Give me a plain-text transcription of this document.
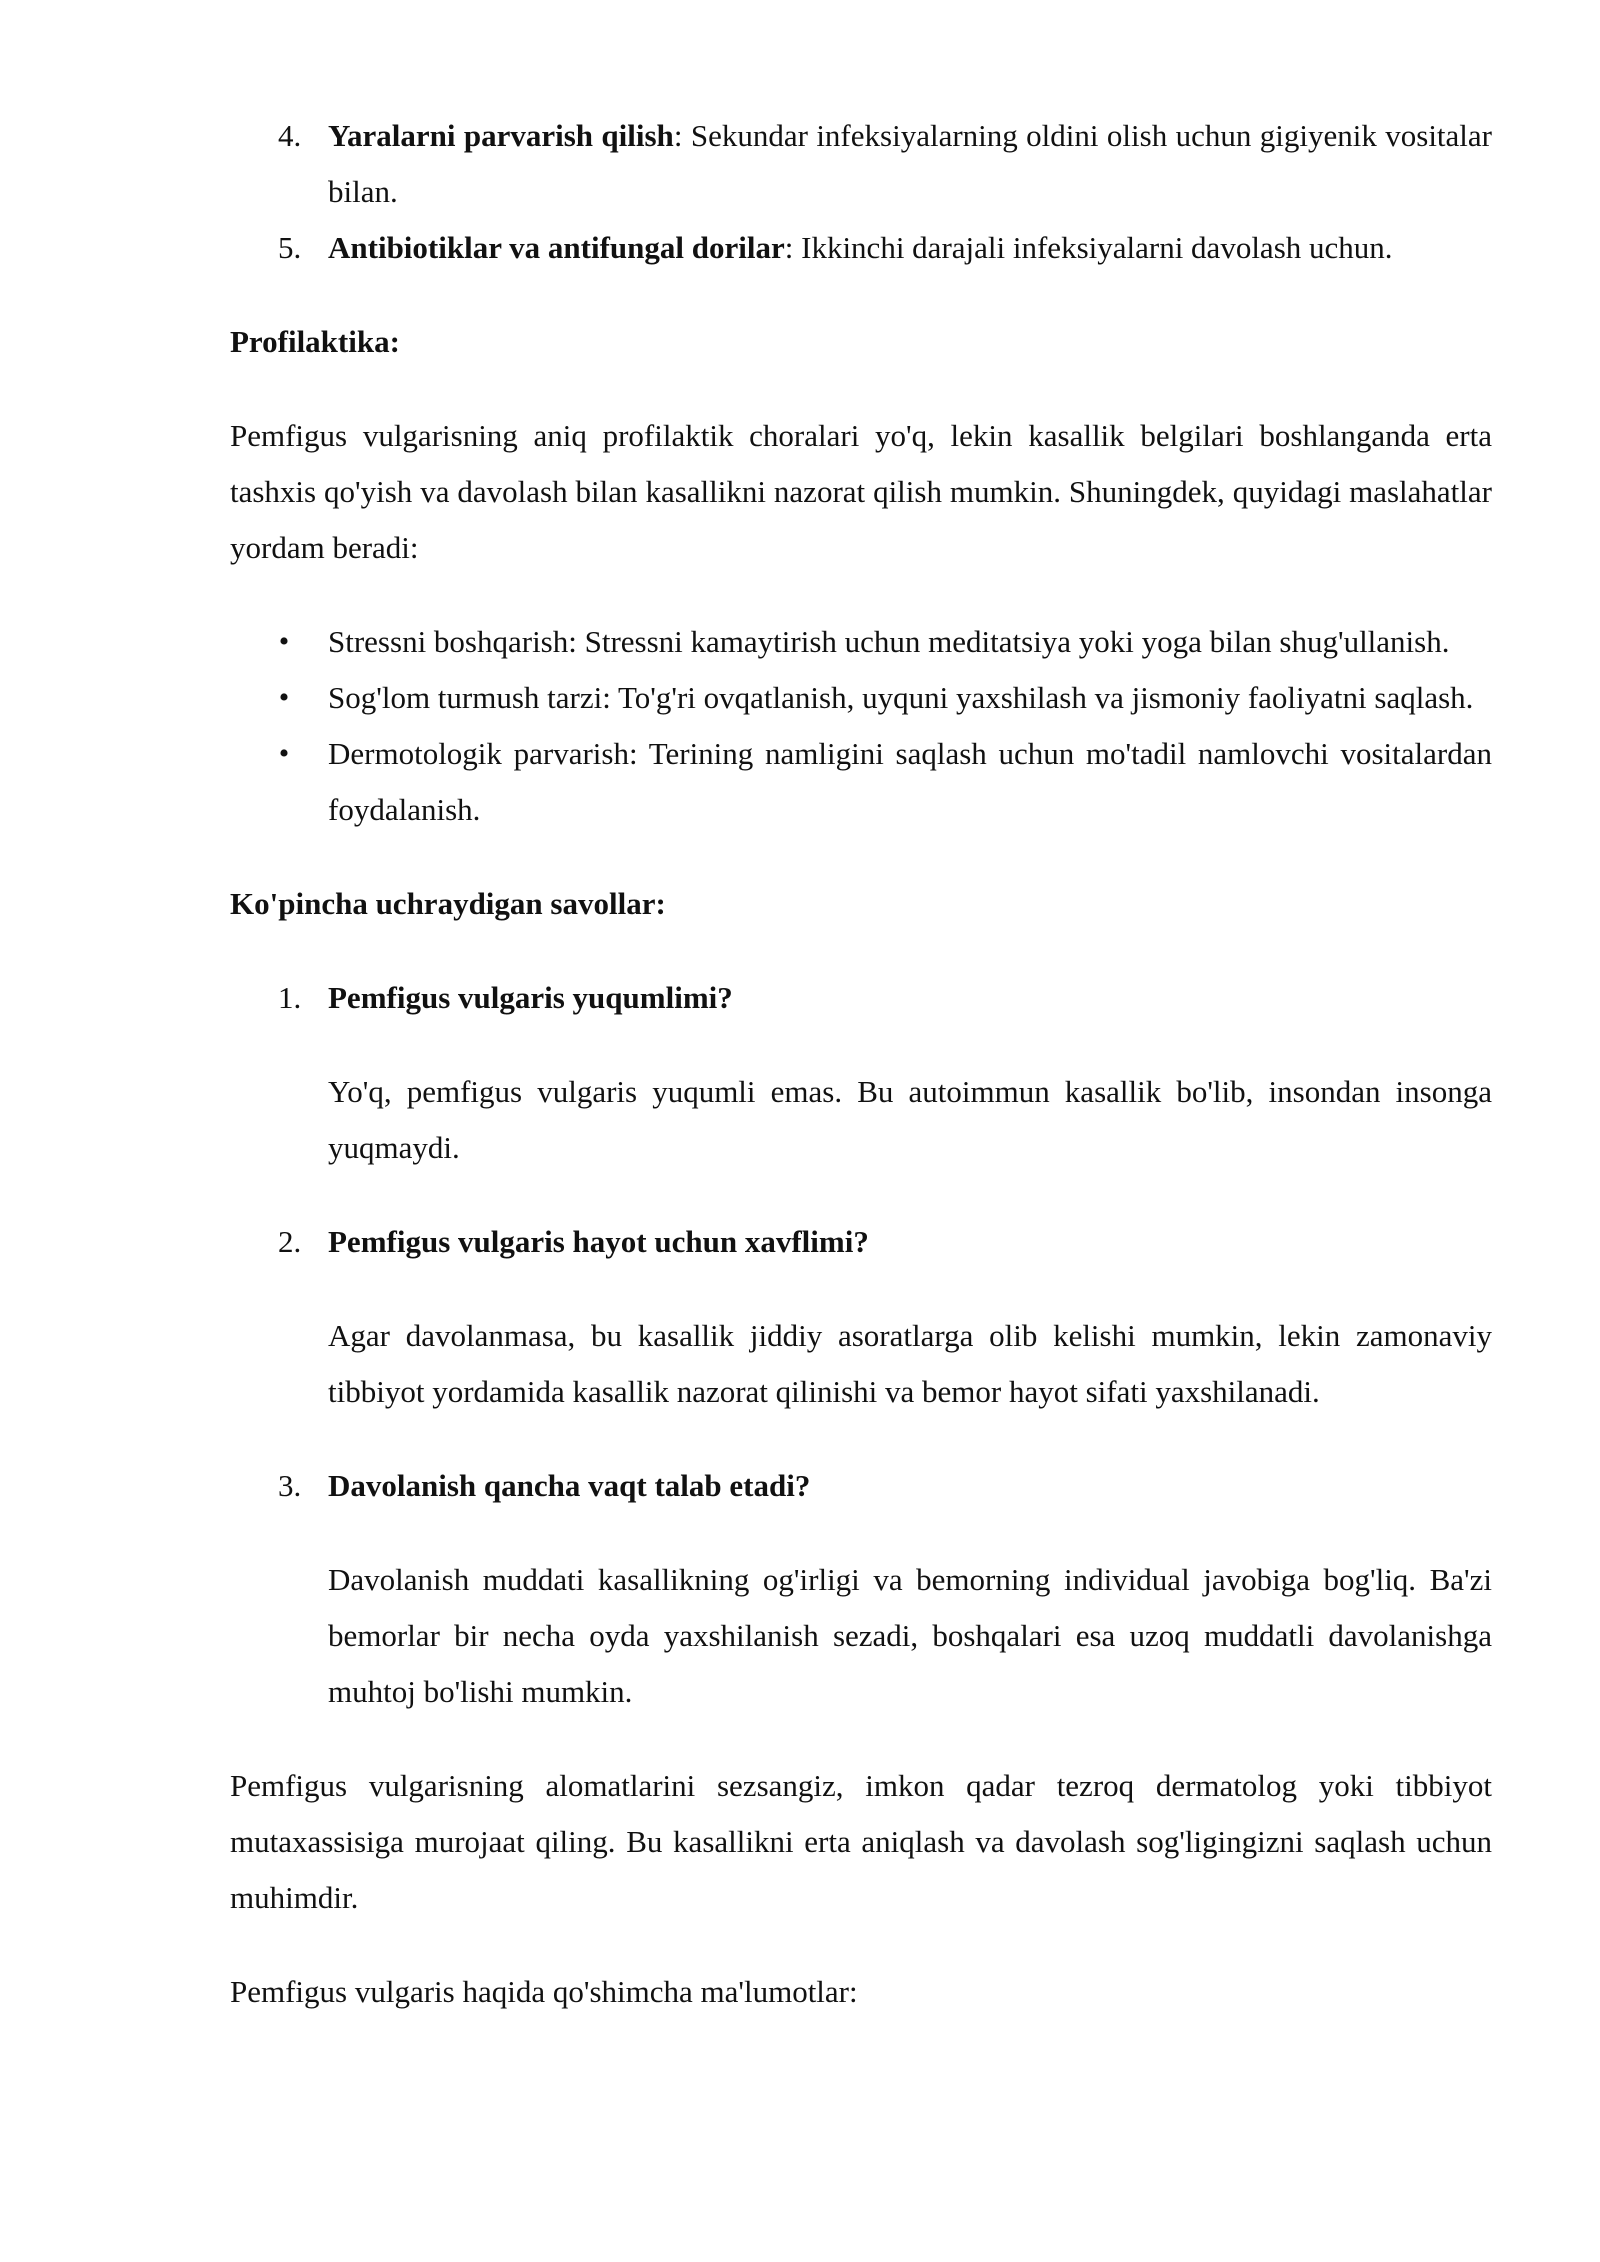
4. Yaralarni parvarish qilish: Sekundar infeksiyalarning oldini olish uchun gigiyenik vositalar bilan.
5. Antibiotiklar va antifungal dorilar: Ikkinchi darajali infeksiyalarni davolash uchun.

Profilaktika:

Pemfigus vulgarisning aniq profilaktik choralari yo'q, lekin kasallik belgilari boshlanganda erta tashxis qo'yish va davolash bilan kasallikni nazorat qilish mumkin. Shuningdek, quyidagi maslahatlar yordam beradi:

• Stressni boshqarish: Stressni kamaytirish uchun meditatsiya yoki yoga bilan shug'ullanish.
• Sog'lom turmush tarzi: To'g'ri ovqatlanish, uyquni yaxshilash va jismoniy faoliyatni saqlash.
• Dermotologik parvarish: Terining namligini saqlash uchun mo'tadil namlovchi vositalardan foydalanish.

Ko'pincha uchraydigan savollar:

1. Pemfigus vulgaris yuqumlimi?

Yo'q, pemfigus vulgaris yuqumli emas. Bu autoimmun kasallik bo'lib, insondan insonga yuqmaydi.

2. Pemfigus vulgaris hayot uchun xavflimi?

Agar davolanmasa, bu kasallik jiddiy asoratlarga olib kelishi mumkin, lekin zamonaviy tibbiyot yordamida kasallik nazorat qilinishi va bemor hayot sifati yaxshilanadi.

3. Davolanish qancha vaqt talab etadi?

Davolanish muddati kasallikning og'irligi va bemorning individual javobiga bog'liq. Ba'zi bemorlar bir necha oyda yaxshilanish sezadi, boshqalari esa uzoq muddatli davolanishga muhtoj bo'lishi mumkin.

Pemfigus vulgarisning alomatlarini sezsangiz, imkon qadar tezroq dermatolog yoki tibbiyot mutaxassisiga murojaat qiling. Bu kasallikni erta aniqlash va davolash sog'ligingizni saqlash uchun muhimdir.

Pemfigus vulgaris haqida qo'shimcha ma'lumotlar:
